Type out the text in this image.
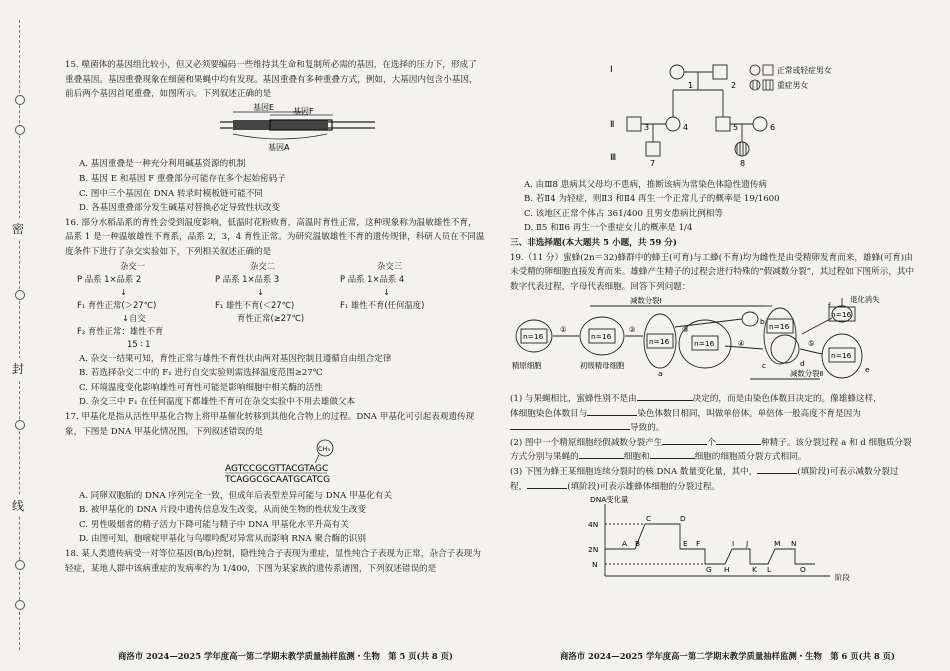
密
封
线

15. 噬菌体的基因组比较小，但又必须要编码一些维持其生命和复制所必需的基因，在选择的压力下，形成了重叠基因。基因重叠现象在细菌和果蝇中均有发现。基因重叠有多种重叠方式，例如，大基因内包含小基因，前后两个基因首尾重叠，如图所示。下列叙述正确的是

基因E 基因F
基因A

A. 基因重叠是一种充分利用碱基资源的机制

B. 基因 E 和基因 F 重叠部分可能存在多个起始密码子

C. 图中三个基因在 DNA 转录时模板链可能不同

D. 各基因重叠部分发生碱基对替换必定导致性状改变

16. 部分水稻品系的育性会受到温度影响，低温时花粉败育，高温时育性正常，这种现象称为温敏雄性不育，品系 1 是一种温敏雄性不育系，品系 2，3，4 育性正常。为研究温敏雄性不育的遗传规律，科研人员在不同温度条件下进行了杂交实验如下，下列相关叙述正确的是

杂交一	杂交二	杂交三
P 品系 1×品系 2	P 品系 1×品系 3	P 品系 1×品系 4
↓	↓	↓
F₁ 育性正常(＞27℃)	F₁ 雄性不育(＜27℃)	F₁ 雄性不育(任何温度)
↓自交	育性正常(≥27℃)
F₂ 育性正常：雄性不育
15 ∶ 1

A. 杂交一结果可知，育性正常与雄性不育性状由两对基因控制且遵循自由组合定律

B. 若选择杂交二中的 F₁ 进行自交实验则需选择温度范围≥27℃

C. 环境温度变化影响雄性可育性可能是影响细胞中相关酶的活性

D. 杂交三中 F₁ 在任何温度下都雄性不育可在杂交实验中不用去雄做父本

17. 甲基化是指从活性甲基化合物上将甲基催化转移到其他化合物上的过程。DNA 甲基化可引起表观遗传现象，下图是 DNA 甲基化情况图，下列叙述错误的是

CH₃
AGTCCGCGTTACGTAGC
TCAGGCGCAATGCATCG

A. 同卵双胞胎的 DNA 序列完全一致，但成年后表型差异可能与 DNA 甲基化有关

B. 被甲基化的 DNA 片段中遗传信息发生改变，从而使生物的性状发生改变

C. 男性吸烟者的精子活力下降可能与精子中 DNA 甲基化水平升高有关

D. 由图可知，胞嘧啶甲基化与鸟嘌呤配对异常从而影响 RNA 聚合酶的识别

18. 某人类遗传病受一对等位基因(B/b)控制，隐性纯合子表现为重症，显性纯合子表现为正常，杂合子表现为轻症，某地人群中该病重症的发病率约为 1/400，下图为某家族的遗传系谱图，下列叙述错误的是

Ⅰ
Ⅱ
Ⅲ
1	2
3	4	5	6
7	8
正常或轻症男女
重症男女

A. 由Ⅲ8 患病其父母均不患病，推断该病为常染色体隐性遗传病

B. 若Ⅱ4 为轻症，则Ⅱ3 和Ⅱ4 再生一个正常儿子的概率是 19/1600

C. 该地区正常个体占 361/400 且男女患病比例相等

D. Ⅱ5 和Ⅱ6 再生一个重症女儿的概率是 1/4

三、非选择题(本大题共 5 小题，共 59 分)

19.（11 分）蜜蜂(2n＝32)蜂群中的蜂王(可育)与工蜂(不育)均为雌性是由受精卵发育而来，雄蜂(可育)由未受精的卵细胞直接发育而来。雄蜂产生精子的过程会进行特殊的“假减数分裂”，其过程如下图所示，其中数字代表过程，字母代表细胞。回答下列问题：

减数分裂Ⅰ
减数分裂Ⅱ
退化消失
n=16	n=16
n=16	n=16
n=16
n=16
n=16
精原细胞	初级精母细胞
①	②	③
④	⑤
a
b
c	d
e
f

(1) 与果蝇相比，蜜蜂性别不是由	决定的，而是由染色体数目决定的。像雄蜂这样，

体细胞染色体数目与	染色体数目相同，叫做单倍体。单倍体一般高度不育是因为

导致的。

(2) 图中一个精原细胞经假减数分裂产生	个	种精子。该分裂过程 a 和 d 细胞质分裂方式分别与果蝇的	细胞和	细胞的细胞质分裂方式相同。

(3) 下图为蜂王某细胞连续分裂时的核 DNA 数量变化量，其中，	(填阶段)可表示减数分裂过程，	(填阶段)可表示雄蜂体细胞的分裂过程。

DNA变化量
阶段
4N
2N
N
A B
C	D
E F
G H
I J
K L
M N
O
商洛市 2024—2025 学年度高一第二学期末教学质量抽样监测・生物　第 5 页(共 8 页)	商洛市 2024—2025 学年度高一第二学期末教学质量抽样监测・生物　第 6 页(共 8 页)
